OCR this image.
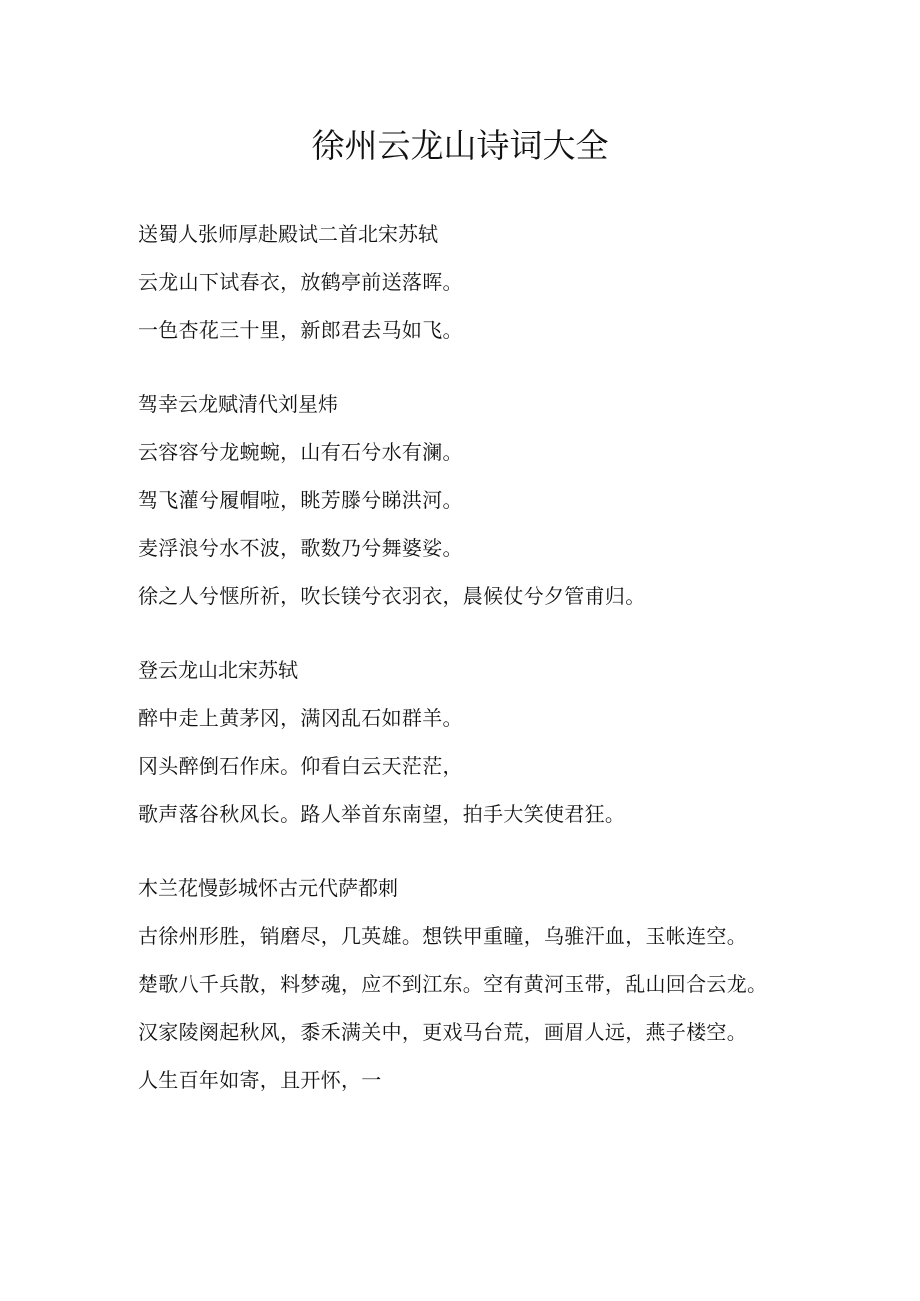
徐州云龙山诗词大全
送蜀人张师厚赴殿试二首北宋苏轼
云龙山下试春衣，放鹤亭前送落晖。
一色杏花三十里，新郎君去马如飞。
驾幸云龙赋清代刘星炜
云容容兮龙蜿蜿，山有石兮水有澜。
驾飞灌兮履帽啦，眺芳滕兮睇洪河。
麦浮浪兮水不波，歌数乃兮舞婆娑。
徐之人兮惬所祈，吹长镁兮衣羽衣，晨候仗兮夕管甫归。
登云龙山北宋苏轼
醉中走上黄茅冈，满冈乱石如群羊。
冈头醉倒石作床。仰看白云天茫茫，
歌声落谷秋风长。路人举首东南望，拍手大笑使君狂。
木兰花慢彭城怀古元代萨都刺
古徐州形胜，销磨尽，几英雄。想铁甲重瞳，乌骓汗血，玉帐连空。
楚歌八千兵散，料梦魂，应不到江东。空有黄河玉带，乱山回合云龙。
汉家陵阕起秋风，黍禾满关中，更戏马台荒，画眉人远，燕子楼空。
人生百年如寄，且开怀，一
